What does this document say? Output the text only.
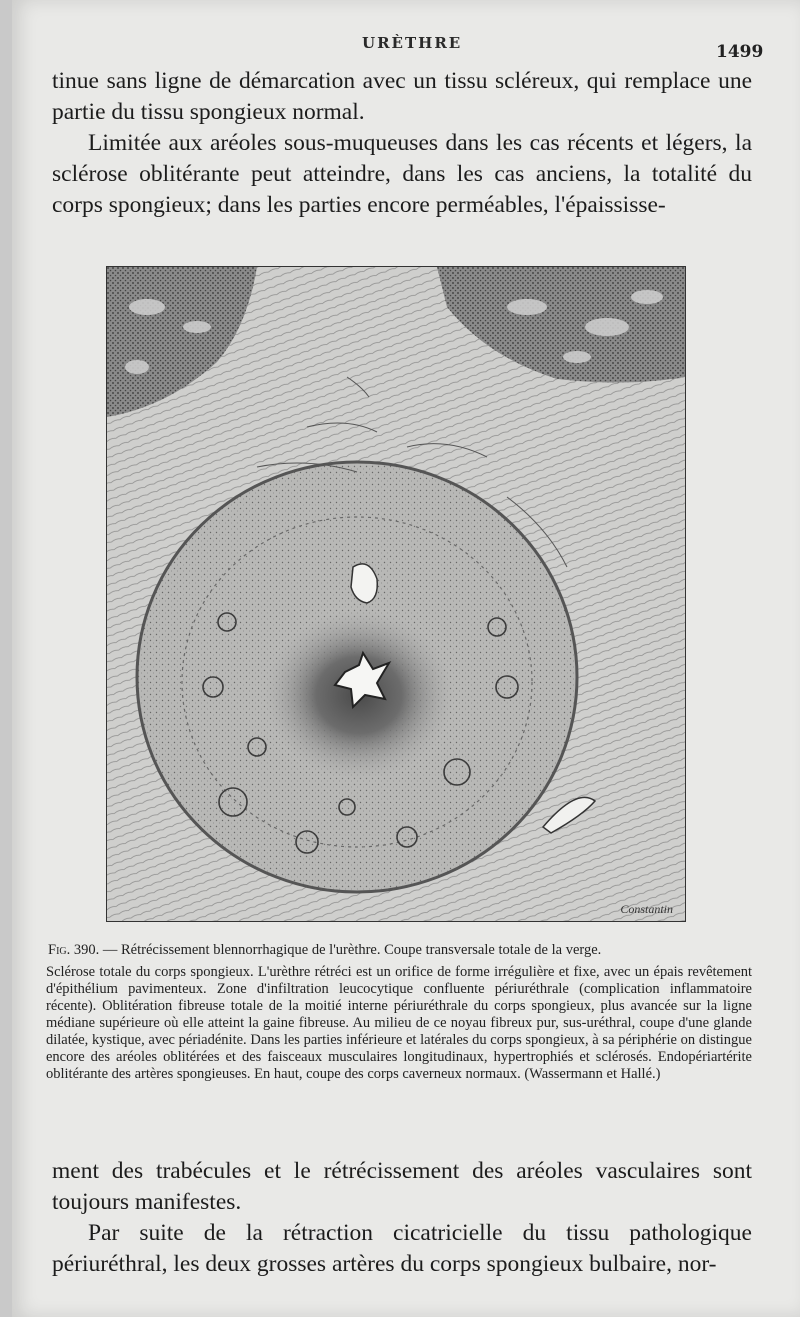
URÈTHRE	1499

tinue sans ligne de démarcation avec un tissu scléreux, qui remplace une partie du tissu spongieux normal.

Limitée aux aréoles sous-muqueuses dans les cas récents et légers, la sclérose oblitérante peut atteindre, dans les cas anciens, la totalité du corps spongieux; dans les parties encore perméables, l'épaississe-

Constantin

Fig. 390. — Rétrécissement blennorrhagique de l'urèthre. Coupe transversale totale de la verge.

Sclérose totale du corps spongieux. L'urèthre rétréci est un orifice de forme irrégulière et fixe, avec un épais revêtement d'épithélium pavimenteux. Zone d'infiltration leucocytique confluente périuréthrale (complication inflammatoire récente). Oblitération fibreuse totale de la moitié interne périuréthrale du corps spongieux, plus avancée sur la ligne médiane supérieure où elle atteint la gaine fibreuse. Au milieu de ce noyau fibreux pur, sus-uréthral, coupe d'une glande dilatée, kystique, avec périadénite. Dans les parties inférieure et latérales du corps spongieux, à sa périphérie on distingue encore des aréoles oblitérées et des faisceaux musculaires longitudinaux, hypertrophiés et sclérosés. Endopériartérite oblitérante des artères spongieuses. En haut, coupe des corps caverneux normaux. (Wassermann et Hallé.)

ment des trabécules et le rétrécissement des aréoles vasculaires sont toujours manifestes.

Par suite de la rétraction cicatricielle du tissu pathologique périuréthral, les deux grosses artères du corps spongieux bulbaire, nor-
